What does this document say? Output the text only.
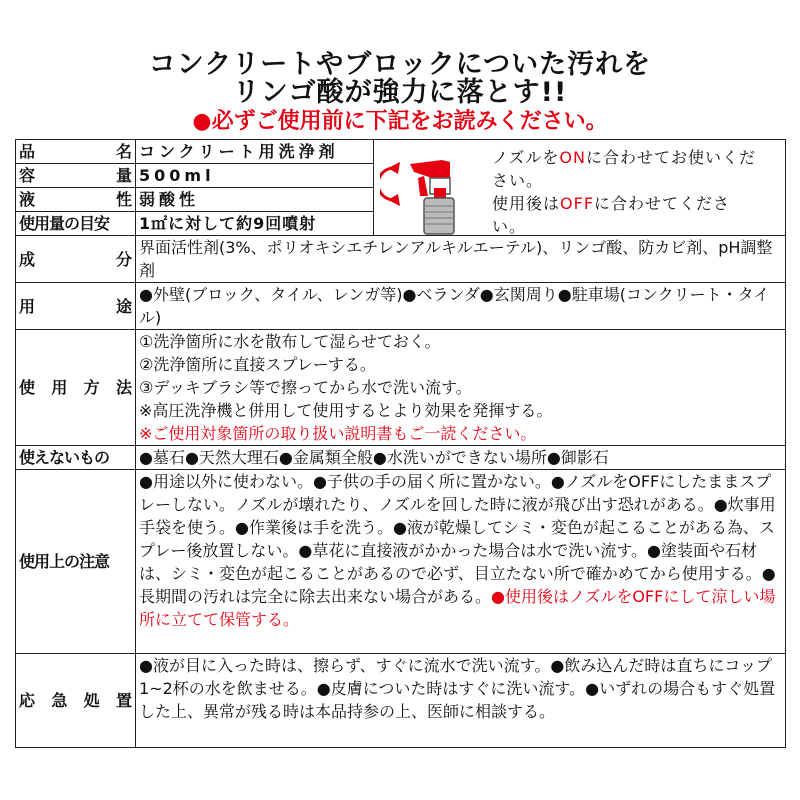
コンクリートやブロックについた汚れを
リンゴ酸が強力に落とす!!
●必ずご使用前に下記をお読みください。
品　　名	コンクリート用洗浄剤	ノズルをONに合わせてお使いください。
使用後はOFFに合わせてください。

容　　量	500ml	
液　　性	弱酸性	
使用量の目安	1㎡に対して約9回噴射	
成　　分	界面活性剤(3%、ポリオキシエチレンアルキルエーテル)、リンゴ酸、防カビ剤、pH調整剤	
用　　途	●外壁(ブロック、タイル、レンガ等)●ベランダ●玄関周り●駐車場(コンクリート・タイル)	
使用方法	①洗浄箇所に水を散布して湿らせておく。
②洗浄箇所に直接スプレーする。
③デッキブラシ等で擦ってから水で洗い流す。
※高圧洗浄機と併用して使用するとより効果を発揮する。
※ご使用対象箇所の取り扱い説明書もご一読ください。	

使えないもの	●墓石●天然大理石●金属類全般●水洗いができない場所●御影石	
使用上の注意	●用途以外に使わない。●子供の手の届く所に置かない。●ノズルをOFFにしたままスプレーしない。ノズルが壊れたり、ノズルを回した時に液が飛び出す恐れがある。●炊事用手袋を使う。●作業後は手を洗う。●液が乾燥してシミ・変色が起こることがある為、スプレー後放置しない。●草花に直接液がかかった場合は水で洗い流す。●塗装面や石材は、シミ・変色が起こることがあるので必ず、目立たない所で確かめてから使用する。●長期間の汚れは完全に除去出来ない場合がある。●使用後はノズルをOFFにして涼しい場所に立てて保管する。	
応急処置	●液が目に入った時は、擦らず、すぐに流水で洗い流す。●飲み込んだ時は直ちにコップ1~2杯の水を飲ませる。●皮膚についた時はすぐに洗い流す。●いずれの場合もすぐ処置した上、異常が残る時は本品持参の上、医師に相談する。	
